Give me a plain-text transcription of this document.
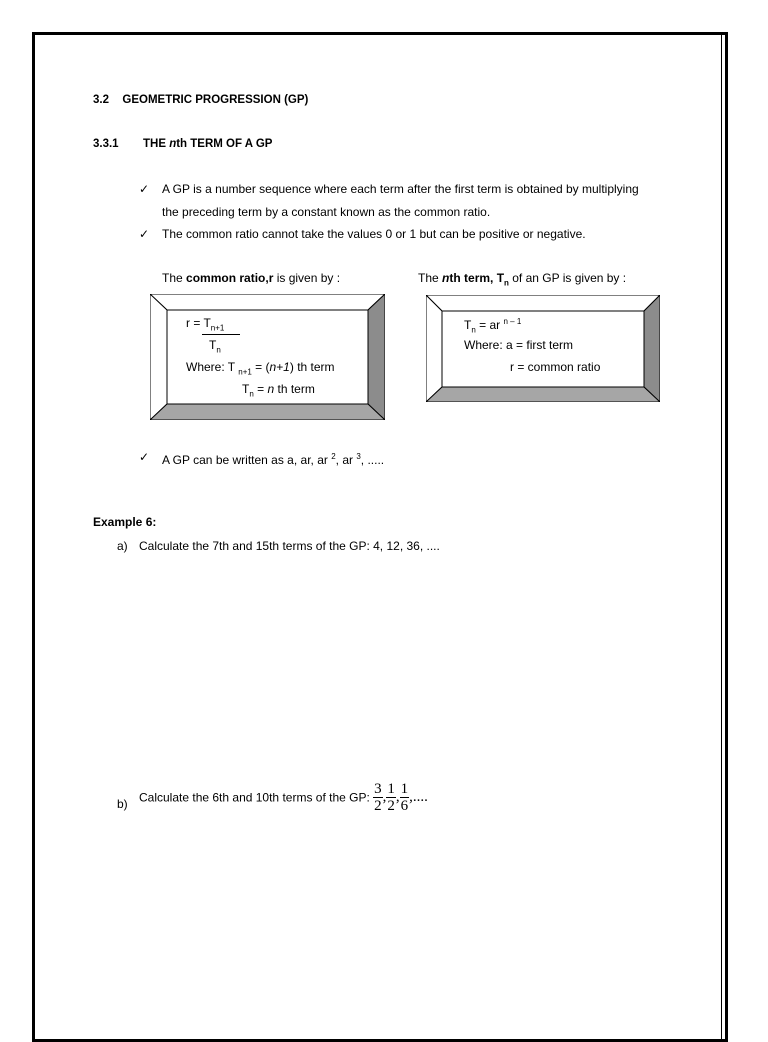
3.2 GEOMETRIC PROGRESSION (GP)
3.3.1 THE nth TERM OF A GP
✓ A GP is a number sequence where each term after the first term is obtained by multiplying
the preceding term by a constant known as the common ratio.
✓ The common ratio cannot take the values 0 or 1 but can be positive or negative.
The common ratio,r is given by :	The nth term, $T_n$ of an GP is given by :
$r = T_{n+1}$
$T_n$
Where: T $_{n+1}$ = (n+1) th term
$T_n = n$ th term
$T_n$ = ar $^{n - 1}$
Where: a = first term
r = common ratio
✓ A GP can be written as a, ar, ar $^2$, ar $^3$, .....
Example 6:
a) Calculate the 7th and 15th terms of the GP: 4, 12, 36, ....
b) Calculate the 6th and 10th terms of the GP: $\frac{3}{2}$ , $\frac{1}{2}$ , $\frac{1}{6}$ ,....
